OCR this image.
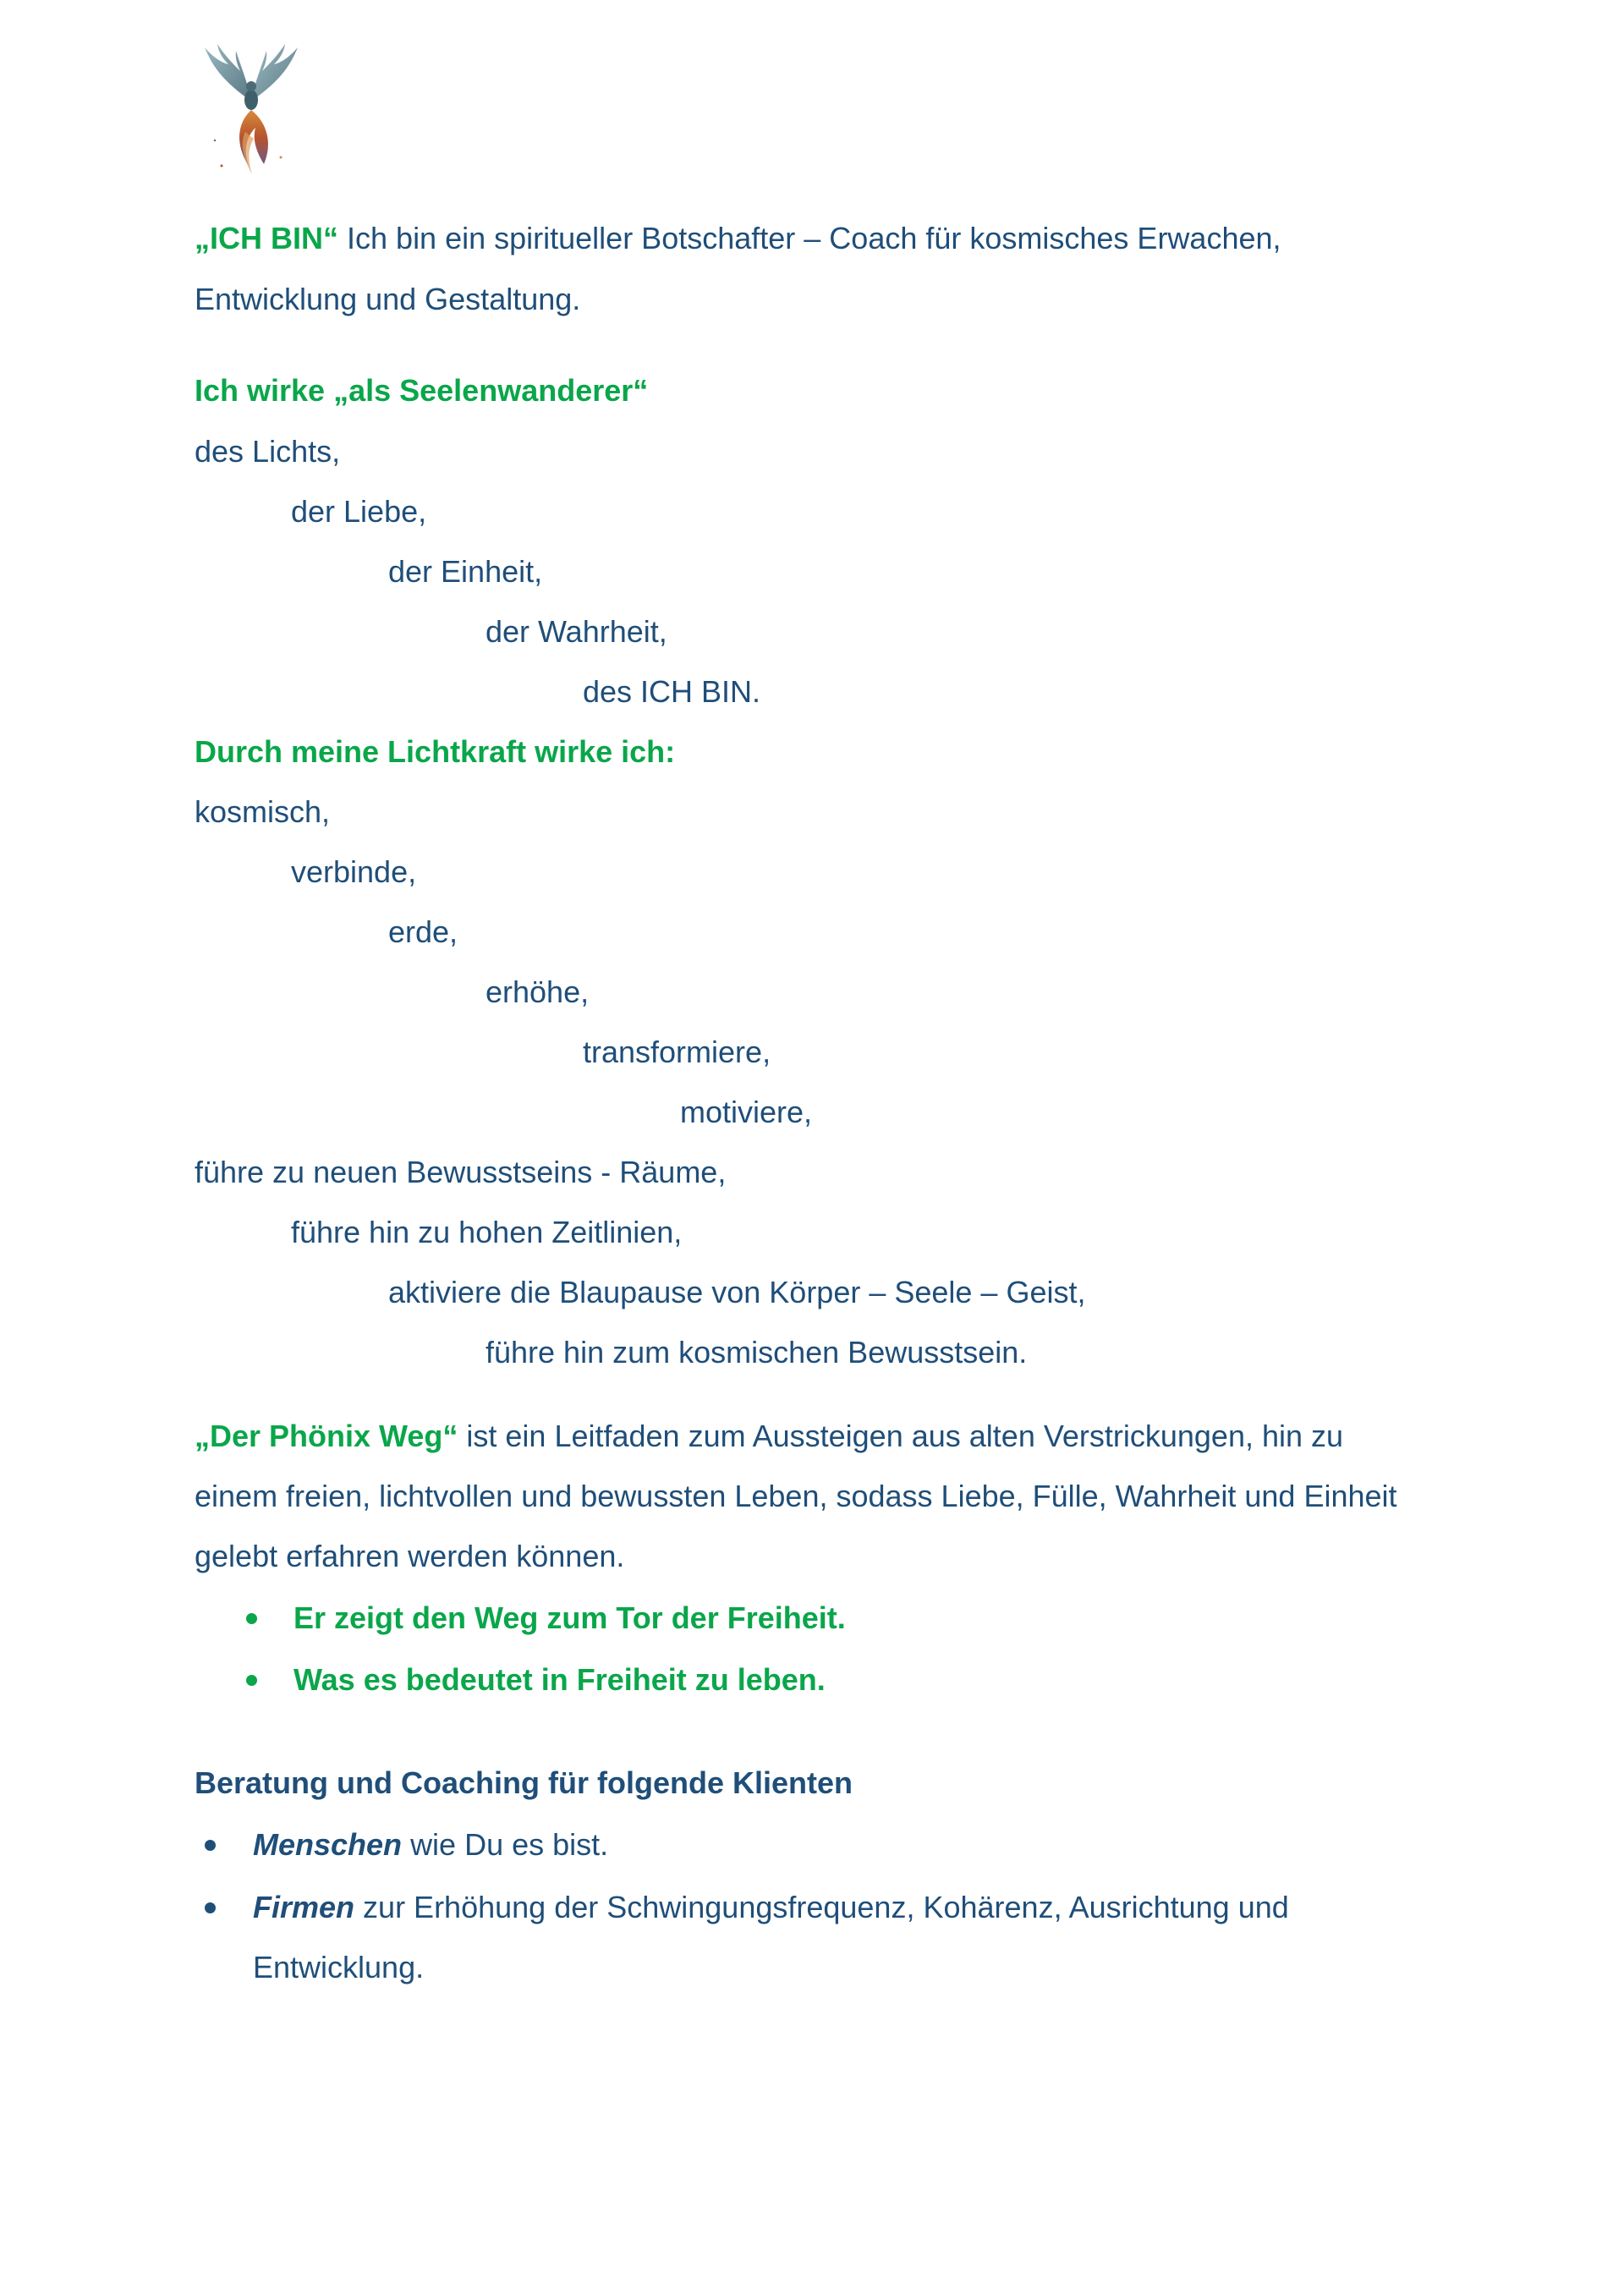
„ICH BIN“ Ich bin ein spiritueller Botschafter – Coach für kosmisches Erwachen,
Entwicklung und Gestaltung.
Ich wirke „als Seelenwanderer“
des Lichts,
der Liebe,
der Einheit,
der Wahrheit,
des ICH BIN.
Durch meine Lichtkraft wirke ich:
kosmisch,
verbinde,
erde,
erhöhe,
transformiere,
motiviere,
führe zu neuen Bewusstseins - Räume,
führe hin zu hohen Zeitlinien,
aktiviere die Blaupause von Körper – Seele – Geist,
führe hin zum kosmischen Bewusstsein.
„Der Phönix Weg“ ist ein Leitfaden zum Aussteigen aus alten Verstrickungen, hin zu
einem freien, lichtvollen und bewussten Leben, sodass Liebe, Fülle, Wahrheit und Einheit
gelebt erfahren werden können.
Er zeigt den Weg zum Tor der Freiheit.
Was es bedeutet in Freiheit zu leben.
Beratung und Coaching für folgende Klienten
Menschen wie Du es bist.
Firmen zur Erhöhung der Schwingungsfrequenz, Kohärenz, Ausrichtung und
Entwicklung.
